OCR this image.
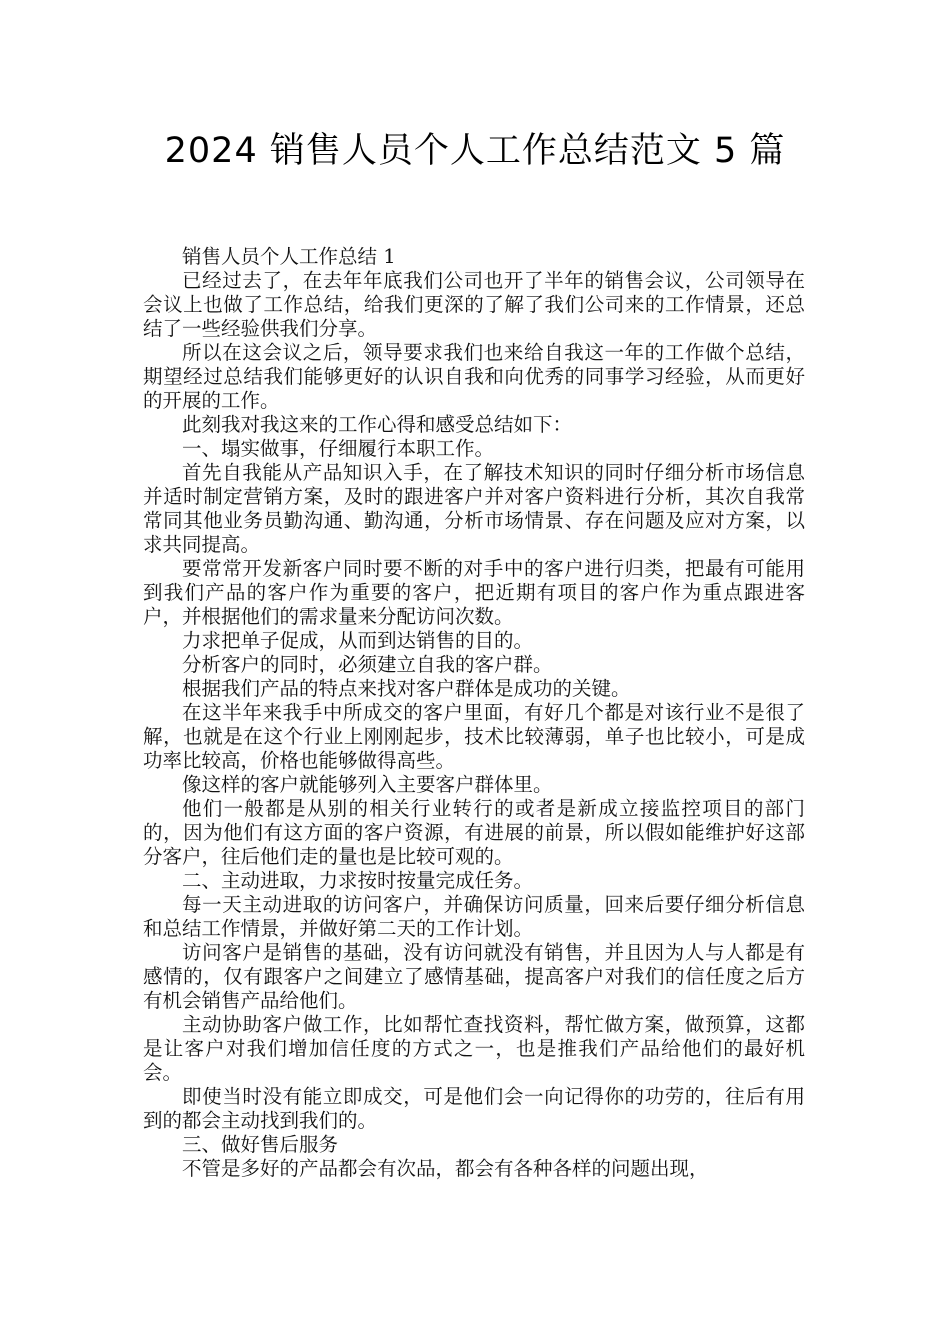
2024 销售人员个人工作总结范文 5 篇

销售人员个人工作总结 1

已经过去了，在去年年底我们公司也开了半年的销售会议，公司领导在会议上也做了工作总结，给我们更深的了解了我们公司来的工作情景，还总结了一些经验供我们分享。

所以在这会议之后，领导要求我们也来给自我这一年的工作做个总结，期望经过总结我们能够更好的认识自我和向优秀的同事学习经验，从而更好的开展的工作。

此刻我对我这来的工作心得和感受总结如下：

一、塌实做事，仔细履行本职工作。

首先自我能从产品知识入手，在了解技术知识的同时仔细分析市场信息并适时制定营销方案，及时的跟进客户并对客户资料进行分析，其次自我常常同其他业务员勤沟通、勤沟通，分析市场情景、存在问题及应对方案，以求共同提高。

要常常开发新客户同时要不断的对手中的客户进行归类，把最有可能用到我们产品的客户作为重要的客户，把近期有项目的客户作为重点跟进客户，并根据他们的需求量来分配访问次数。

力求把单子促成，从而到达销售的目的。

分析客户的同时，必须建立自我的客户群。

根据我们产品的特点来找对客户群体是成功的关键。

在这半年来我手中所成交的客户里面，有好几个都是对该行业不是很了解，也就是在这个行业上刚刚起步，技术比较薄弱，单子也比较小，可是成功率比较高，价格也能够做得高些。

像这样的客户就能够列入主要客户群体里。

他们一般都是从别的相关行业转行的或者是新成立接监控项目的部门的，因为他们有这方面的客户资源，有进展的前景，所以假如能维护好这部分客户，往后他们走的量也是比较可观的。

二、主动进取，力求按时按量完成任务。

每一天主动进取的访问客户，并确保访问质量，回来后要仔细分析信息和总结工作情景，并做好第二天的工作计划。

访问客户是销售的基础，没有访问就没有销售，并且因为人与人都是有感情的，仅有跟客户之间建立了感情基础，提高客户对我们的信任度之后方有机会销售产品给他们。

主动协助客户做工作，比如帮忙查找资料，帮忙做方案，做预算，这都是让客户对我们增加信任度的方式之一，也是推我们产品给他们的最好机会。

即使当时没有能立即成交，可是他们会一向记得你的功劳的，往后有用到的都会主动找到我们的。

三、做好售后服务

不管是多好的产品都会有次品，都会有各种各样的问题出现，
